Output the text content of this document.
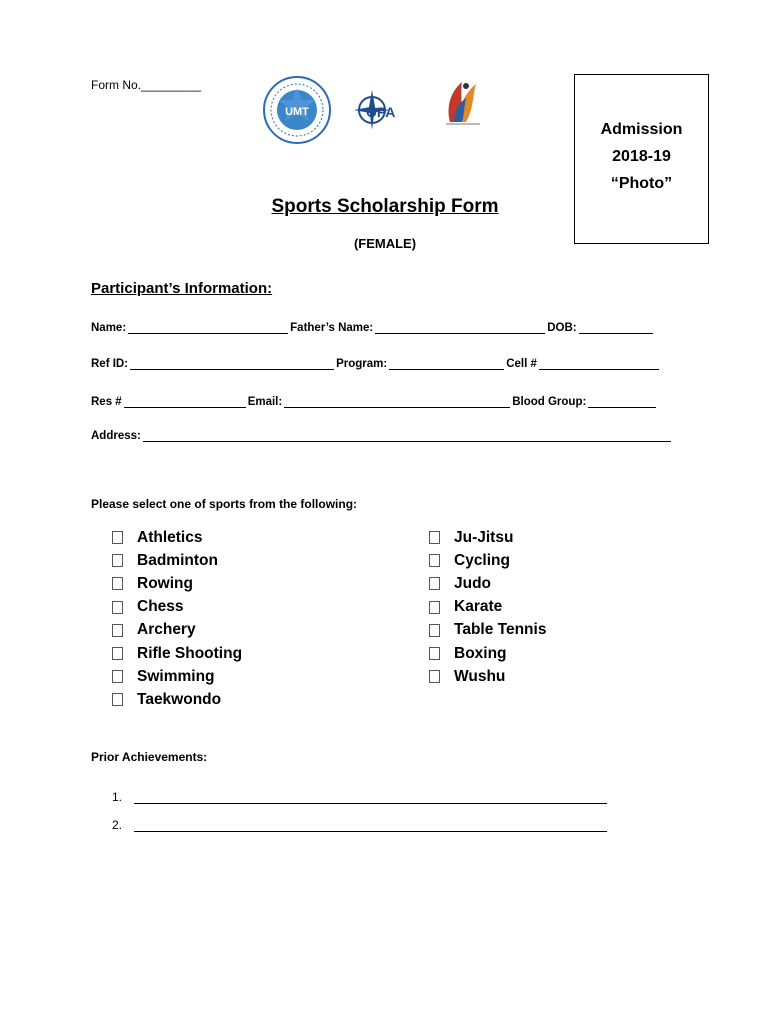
Form No._________
UMT	OPA
Admission
2018-19
“Photo”
Sports Scholarship Form
(FEMALE)
Participant’s Information:
Name:	Father’s Name:	DOB:
Ref ID:	Program:	Cell #
Res #	Email:	Blood Group:
Address:
Please select one of sports from the following:
Athletics
Badminton
Rowing
Chess
Archery
Rifle Shooting
Swimming
Taekwondo
Ju-Jitsu
Cycling
Judo
Karate
Table Tennis
Boxing
Wushu
Prior Achievements:
1.
2.
